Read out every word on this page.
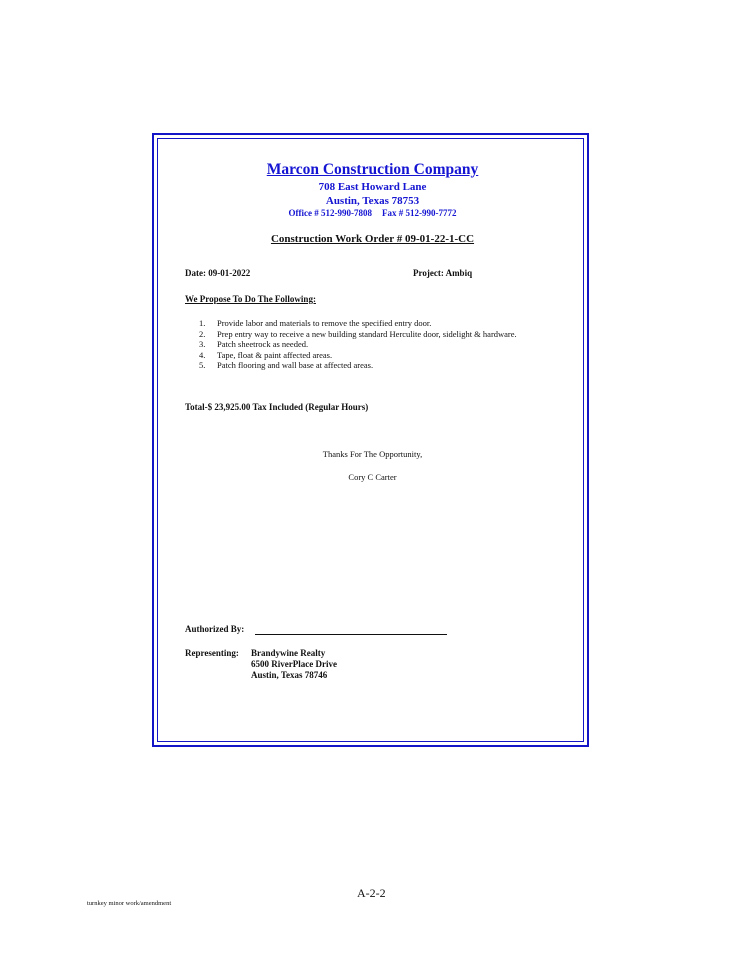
Marcon Construction Company
708 East Howard Lane
Austin, Texas 78753
Office # 512-990-7808 Fax # 512-990-7772
Construction Work Order # 09-01-22-1-CC
Date: 09-01-2022	Project: Ambiq
We Propose To Do The Following:
1. Provide labor and materials to remove the specified entry door.
2. Prep entry way to receive a new building standard Herculite door, sidelight & hardware.
3. Patch sheetrock as needed.
4. Tape, float & paint affected areas.
5. Patch flooring and wall base at affected areas.
Total-$ 23,925.00 Tax Included (Regular Hours)
Thanks For The Opportunity,
Cory C Carter
Authorized By:
Representing: Brandywine Realty
6500 RiverPlace Drive
Austin, Texas 78746
A-2-2
turnkey minor work/amendment
